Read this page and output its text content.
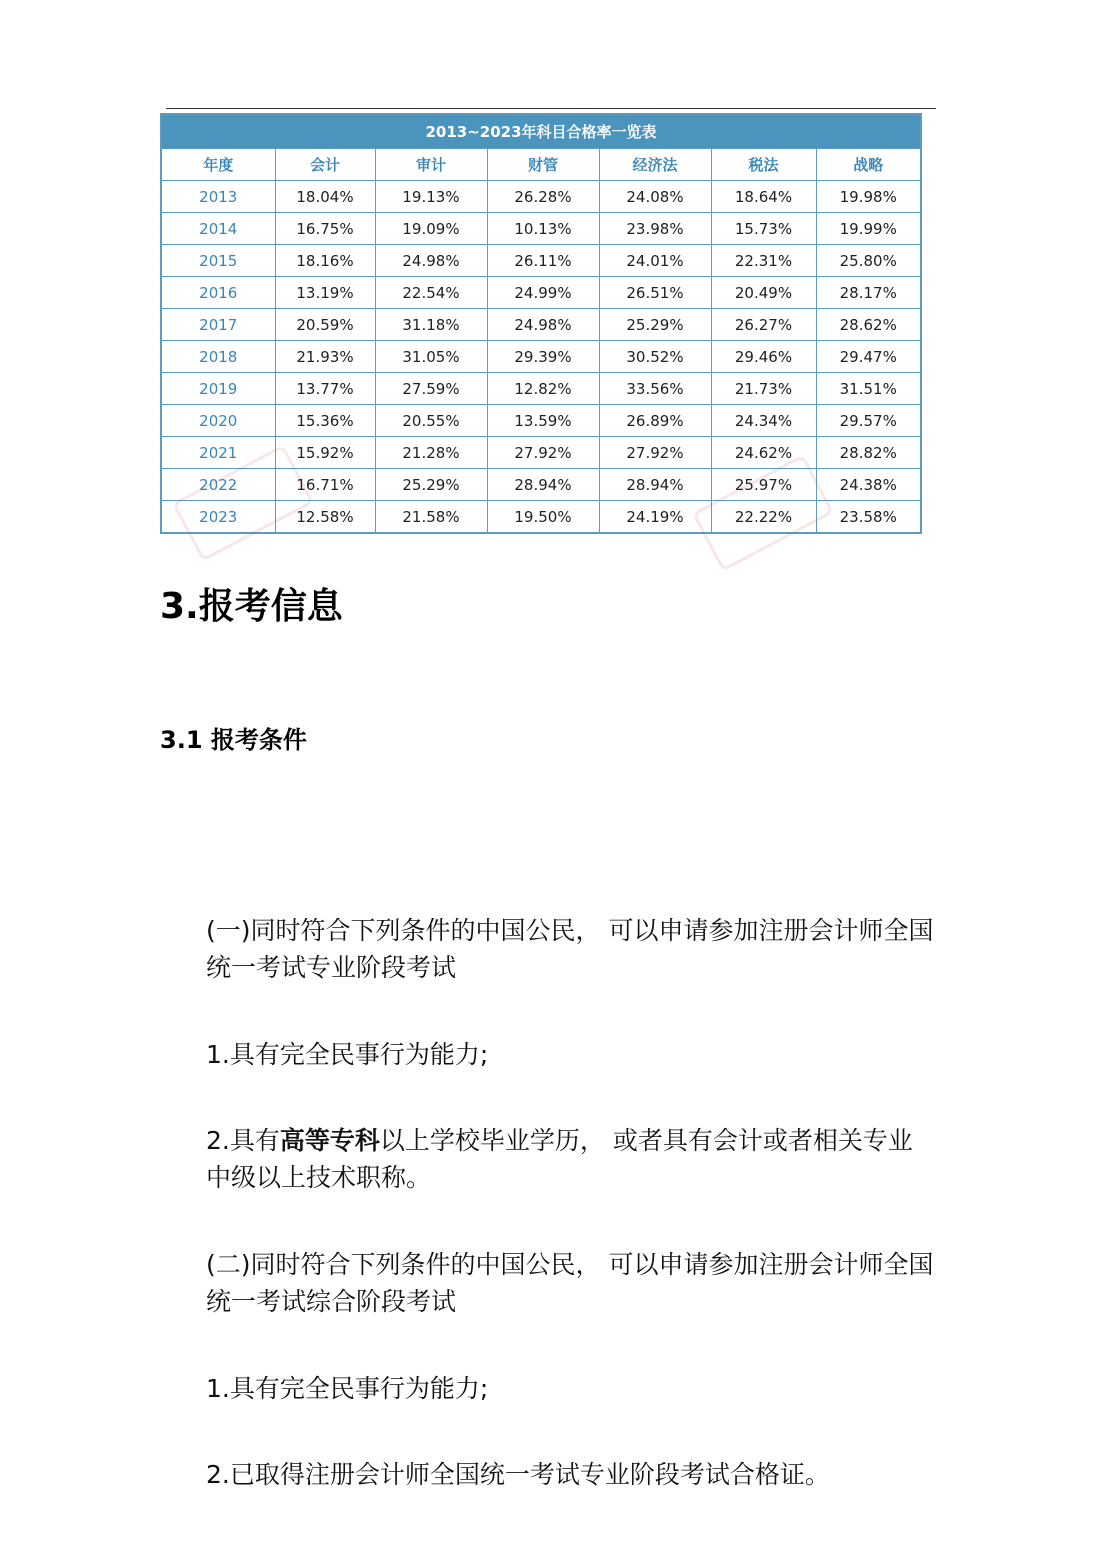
2013~2023年科目合格率一览表						
年度	会计	审计	财管	经济法	税法	战略
2013	18.04%	19.13%	26.28%	24.08%	18.64%	19.98%
2014	16.75%	19.09%	10.13%	23.98%	15.73%	19.99%
2015	18.16%	24.98%	26.11%	24.01%	22.31%	25.80%
2016	13.19%	22.54%	24.99%	26.51%	20.49%	28.17%
2017	20.59%	31.18%	24.98%	25.29%	26.27%	28.62%
2018	21.93%	31.05%	29.39%	30.52%	29.46%	29.47%
2019	13.77%	27.59%	12.82%	33.56%	21.73%	31.51%
2020	15.36%	20.55%	13.59%	26.89%	24.34%	29.57%
2021	15.92%	21.28%	27.92%	27.92%	24.62%	28.82%
2022	16.71%	25.29%	28.94%	28.94%	25.97%	24.38%
2023	12.58%	21.58%	19.50%	24.19%	22.22%	23.58%
3.报考信息
3.1 报考条件

(一)同时符合下列条件的中国公民， 可以申请参加注册会计师全国统一考试专业阶段考试

1.具有完全民事行为能力;

2.具有高等专科以上学校毕业学历， 或者具有会计或者相关专业中级以上技术职称。

(二)同时符合下列条件的中国公民， 可以申请参加注册会计师全国统一考试综合阶段考试

1.具有完全民事行为能力;

2.已取得注册会计师全国统一考试专业阶段考试合格证。
